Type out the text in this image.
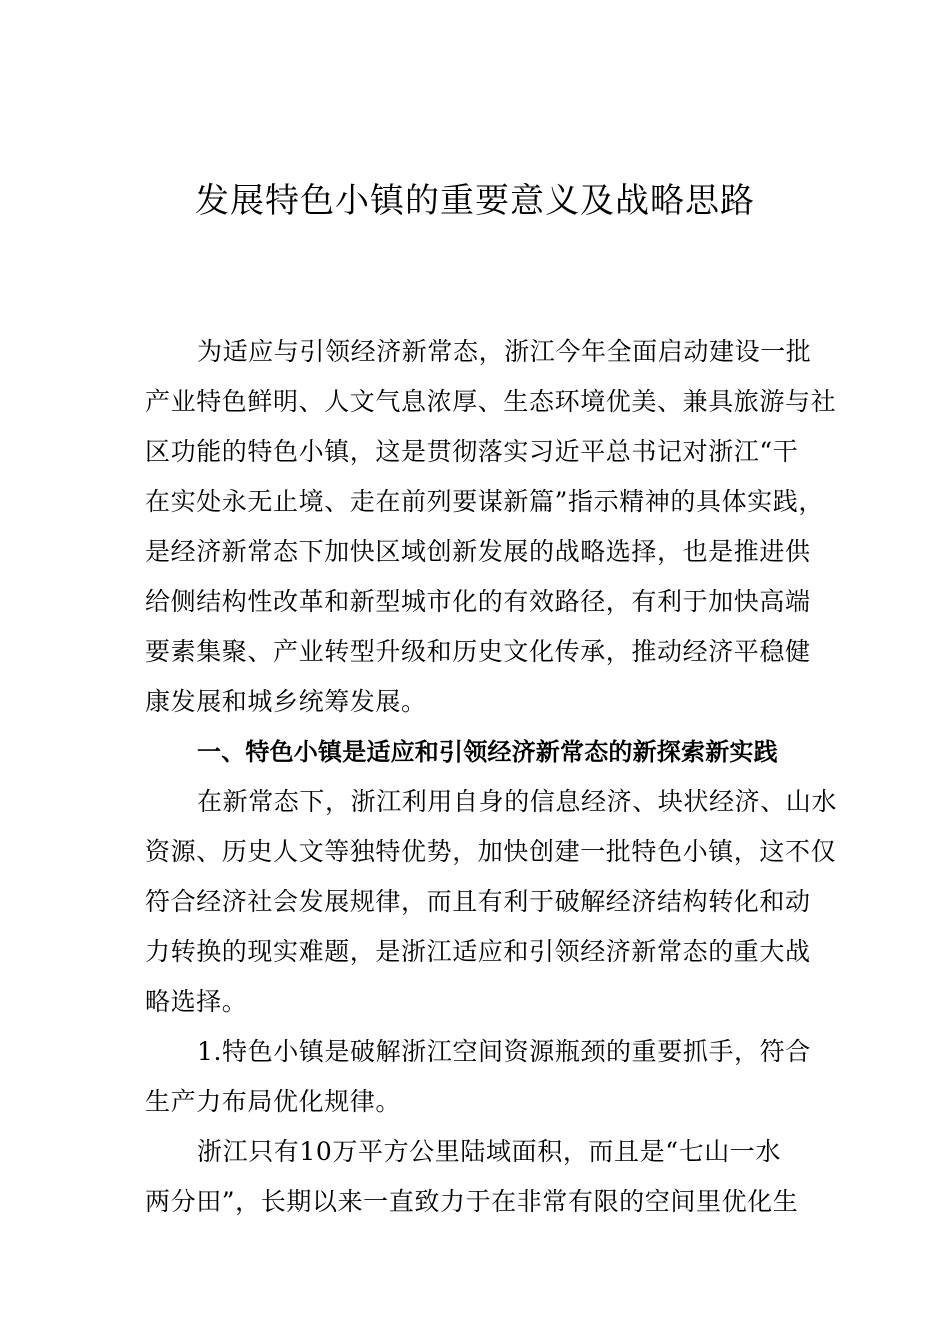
发展特色小镇的重要意义及战略思路
为适应与引领经济新常态，浙江今年全面启动建设一批
产业特色鲜明、人文气息浓厚、生态环境优美、兼具旅游与社
区功能的特色小镇，这是贯彻落实习近平总书记对浙江“干
在实处永无止境、走在前列要谋新篇”指示精神的具体实践，
是经济新常态下加快区域创新发展的战略选择，也是推进供
给侧结构性改革和新型城市化的有效路径，有利于加快高端
要素集聚、产业转型升级和历史文化传承，推动经济平稳健
康发展和城乡统筹发展。
一、特色小镇是适应和引领经济新常态的新探索新实践
在新常态下，浙江利用自身的信息经济、块状经济、山水
资源、历史人文等独特优势，加快创建一批特色小镇，这不仅
符合经济社会发展规律，而且有利于破解经济结构转化和动
力转换的现实难题，是浙江适应和引领经济新常态的重大战
略选择。
1.特色小镇是破解浙江空间资源瓶颈的重要抓手，符合
生产力布局优化规律。
浙江只有10万平方公里陆域面积，而且是“七山一水
两分田”，长期以来一直致力于在非常有限的空间里优化生
